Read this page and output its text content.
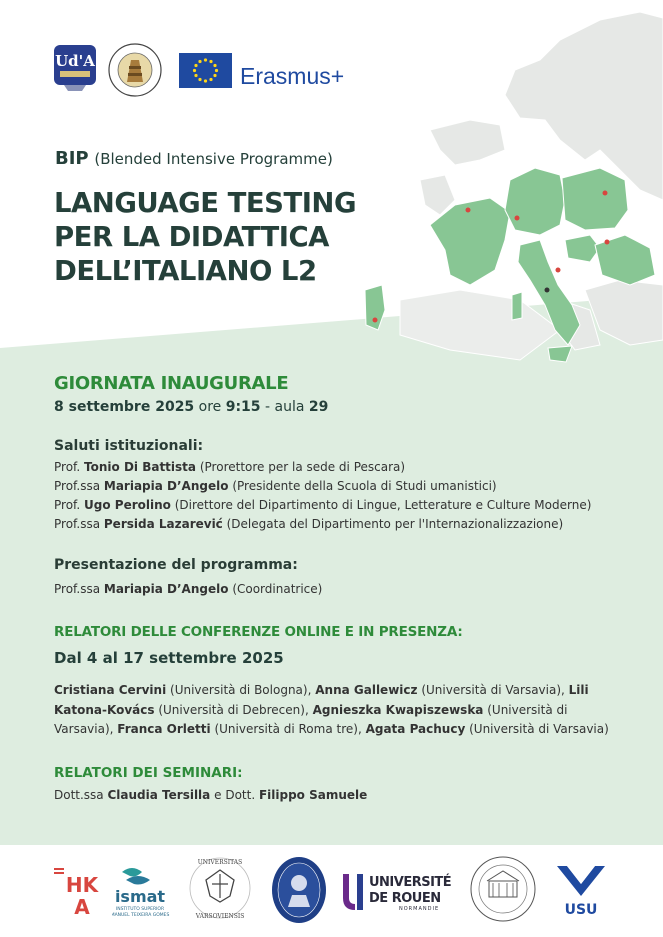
Ud'A
Erasmus+
BIP (Blended Intensive Programme)
LANGUAGE TESTING
PER LA DIDATTICA
DELL’ITALIANO L2
GIORNATA INAUGURALE
8 settembre 2025 ore 9:15 - aula 29
Saluti istituzionali:
Prof. Tonio Di Battista (Prorettore per la sede di Pescara)
Prof.ssa Mariapia D’Angelo (Presidente della Scuola di Studi umanistici)
Prof. Ugo Perolino (Direttore del Dipartimento di Lingue, Letterature e Culture Moderne)
Prof.ssa Persida Lazarević (Delegata del Dipartimento per l'Internazionalizzazione)
Presentazione del programma:
Prof.ssa Mariapia D’Angelo (Coordinatrice)
RELATORI DELLE CONFERENZE ONLINE E IN PRESENZA:
Dal 4 al 17 settembre 2025
Cristiana Cervini (Università di Bologna), Anna Gallewicz (Università di Varsavia), Lili Katona-Kovács (Università di Debrecen), Agnieszka Kwapiszewska (Università di Varsavia), Franca Orletti (Università di Roma tre), Agata Pachucy (Università di Varsavia)
RELATORI DEI SEMINARI:
Dott.ssa Claudia Tersilla e Dott. Filippo Samuele
HK
A ismat
INSTITUTO SUPERIOR
MANUEL TEIXEIRA GOMES
UNIVERSITAS
VARSOVIENSIS
UNIVERSITÉ
DE ROUEN
NORMANDIE	USU
